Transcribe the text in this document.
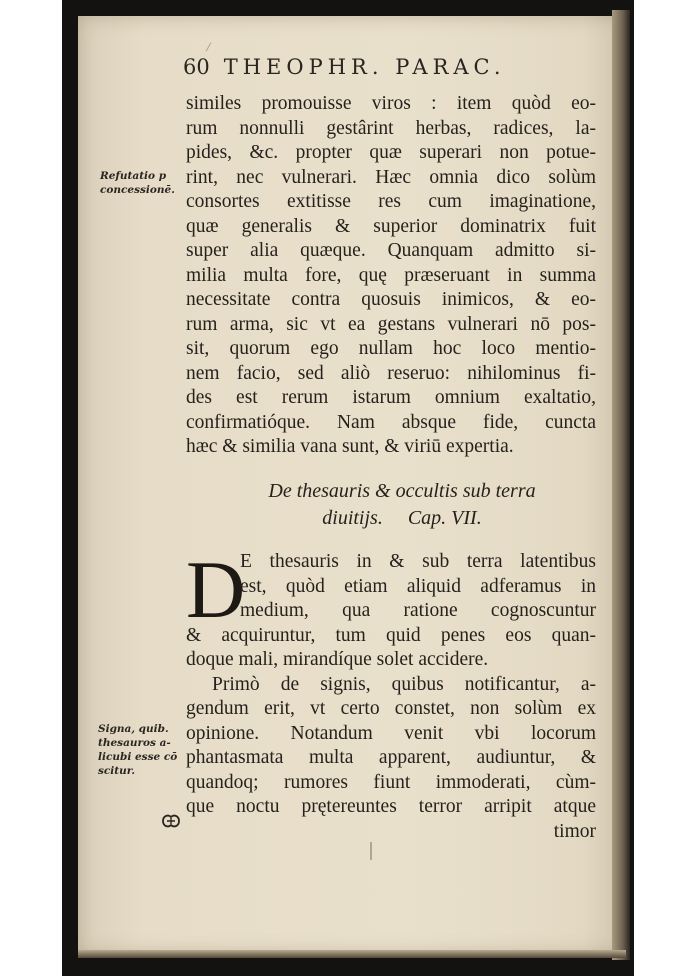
60 THEOPHR. PARAC.
Refutatio p
concessionē.
similes promouisse viros : item quòd eo-
rum nonnulli gestârint herbas, radices, la-
pides, &c. propter quæ superari non potue-
rint, nec vulnerari. Hæc omnia dico solùm
consortes extitisse res cum imaginatione,
quæ generalis & superior dominatrix fuit
super alia quæque. Quanquam admitto si-
milia multa fore, quę præseruant in summa
necessitate contra quosuis inimicos, & eo-
rum arma, sic vt ea gestans vulnerari nō pos-
sit, quorum ego nullam hoc loco mentio-
nem facio, sed aliò reseruo: nihilominus fi-
des est rerum istarum omnium exaltatio,
confirmatióque. Nam absque fide, cuncta
hæc & similia vana sunt, & viriū expertia.
De thesauris & occultis sub terra
diuitijs.     Cap. VII.
D
E thesauris in & sub terra latentibus
est, quòd etiam aliquid adferamus in
medium, qua ratione cognoscuntur
& acquiruntur, tum quid penes eos quan-
doque mali, mirandíque solet accidere.
Primò de signis, quibus notificantur, a-
gendum erit, vt certo constet, non solùm ex
opinione. Notandum venit vbi locorum
phantasmata multa apparent, audiuntur, &
quandoq; rumores fiunt immoderati, cùm-
que noctu prętereuntes terror arripit atque
timor
Signa, quib.
thesauros a-
licubi esse cō
scitur.
